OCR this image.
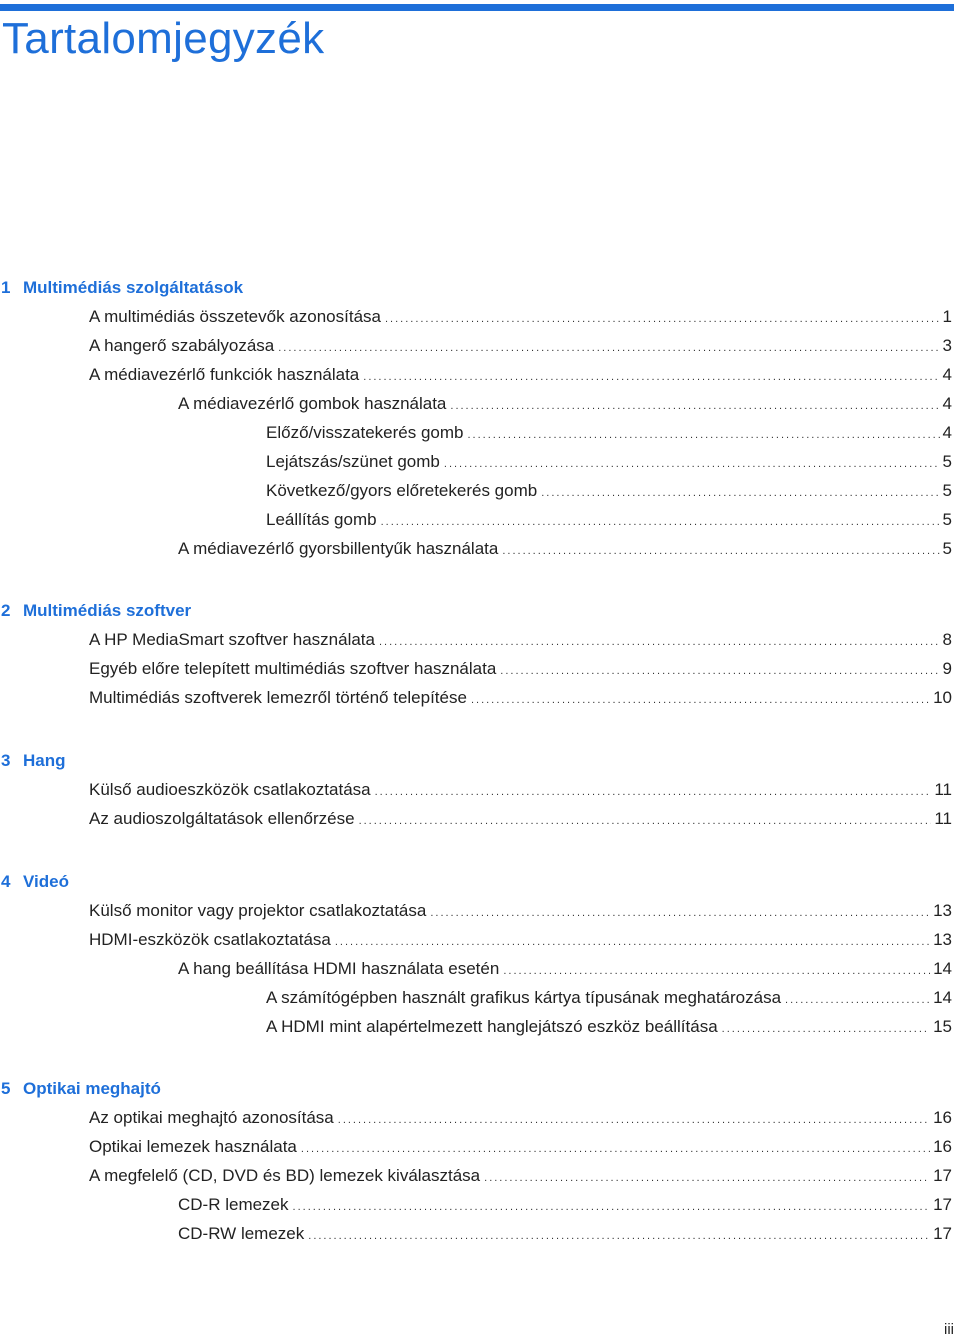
Tartalomjegyzék
1 Multimédiás szolgáltatások
A multimédiás összetevők azonosítása .....	1
A hangerő szabályozása .....	3
A médiavezérlő funkciók használata .....	4
A médiavezérlő gombok használata .....	4
Előző/visszatekerés gomb .....	4
Lejátszás/szünet gomb .....	5
Következő/gyors előretekerés gomb .....	5
Leállítás gomb .....	5
A médiavezérlő gyorsbillentyűk használata .....	5
2 Multimédiás szoftver
A HP MediaSmart szoftver használata .....	8
Egyéb előre telepített multimédiás szoftver használata .....	9
Multimédiás szoftverek lemezről történő telepítése .....	10
3 Hang
Külső audioeszközök csatlakoztatása .....	11
Az audioszolgáltatások ellenőrzése .....	11
4 Videó
Külső monitor vagy projektor csatlakoztatása .....	13
HDMI-eszközök csatlakoztatása .....	13
A hang beállítása HDMI használata esetén .....	14
A számítógépben használt grafikus kártya típusának meghatározása .....	14
A HDMI mint alapértelmezett hanglejátszó eszköz beállítása .....	15
5 Optikai meghajtó
Az optikai meghajtó azonosítása .....	16
Optikai lemezek használata .....	16
A megfelelő (CD, DVD és BD) lemezek kiválasztása .....	17
CD-R lemezek .....	17
CD-RW lemezek .....	17
iii
